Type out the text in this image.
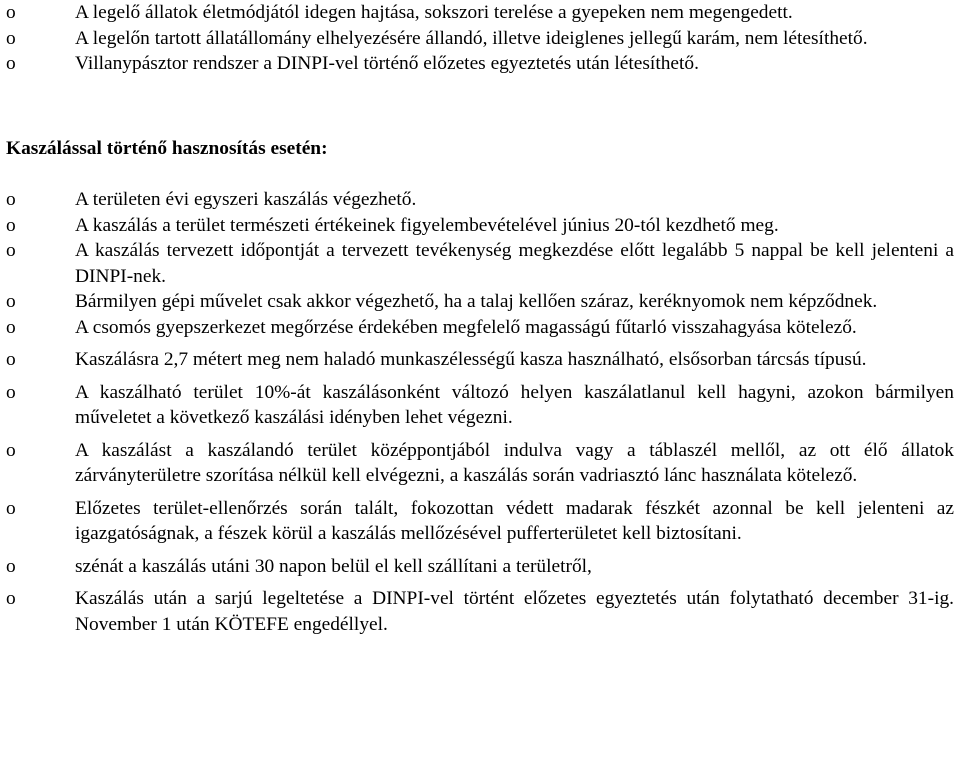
o	A legelő állatok életmódjától idegen hajtása, sokszori terelése a gyepeken nem megengedett.
o	A legelőn tartott állatállomány elhelyezésére állandó, illetve ideiglenes jellegű karám, nem létesíthető.
o	Villanypásztor rendszer a DINPI-vel történő előzetes egyeztetés után létesíthető.

Kaszálással történő hasznosítás esetén:

o	A területen évi egyszeri kaszálás végezhető.
o	A kaszálás a terület természeti értékeinek figyelembevételével június 20-tól kezdhető meg.
o	A kaszálás tervezett időpontját a tervezett tevékenység megkezdése előtt legalább 5 nappal be kell jelenteni a DINPI-nek.
o	Bármilyen gépi művelet csak akkor végezhető, ha a talaj kellően száraz, keréknyomok nem képződnek.
o	A csomós gyepszerkezet megőrzése érdekében megfelelő magasságú fűtarló visszahagyása kötelező.
o	Kaszálásra 2,7 métert meg nem haladó munkaszélességű kasza használható, elsősorban tárcsás típusú.
o	A kaszálható terület 10%-át kaszálásonként változó helyen kaszálatlanul kell hagyni, azokon bármilyen műveletet a következő kaszálási idényben lehet végezni.
o	A kaszálást a kaszálandó terület középpontjából indulva vagy a táblaszél mellől, az ott élő állatok zárványterületre szorítása nélkül kell elvégezni, a kaszálás során vadriasztó lánc használata kötelező.
o	Előzetes terület-ellenőrzés során talált, fokozottan védett madarak fészkét azonnal be kell jelenteni az igazgatóságnak, a fészek körül a kaszálás mellőzésével pufferterületet kell biztosítani.
o	szénát a kaszálás utáni 30 napon belül el kell szállítani a területről,
o	Kaszálás után a sarjú legeltetése a DINPI-vel történt előzetes egyeztetés után folytatható december 31-ig. November 1 után KÖTEFE engedéllyel.
